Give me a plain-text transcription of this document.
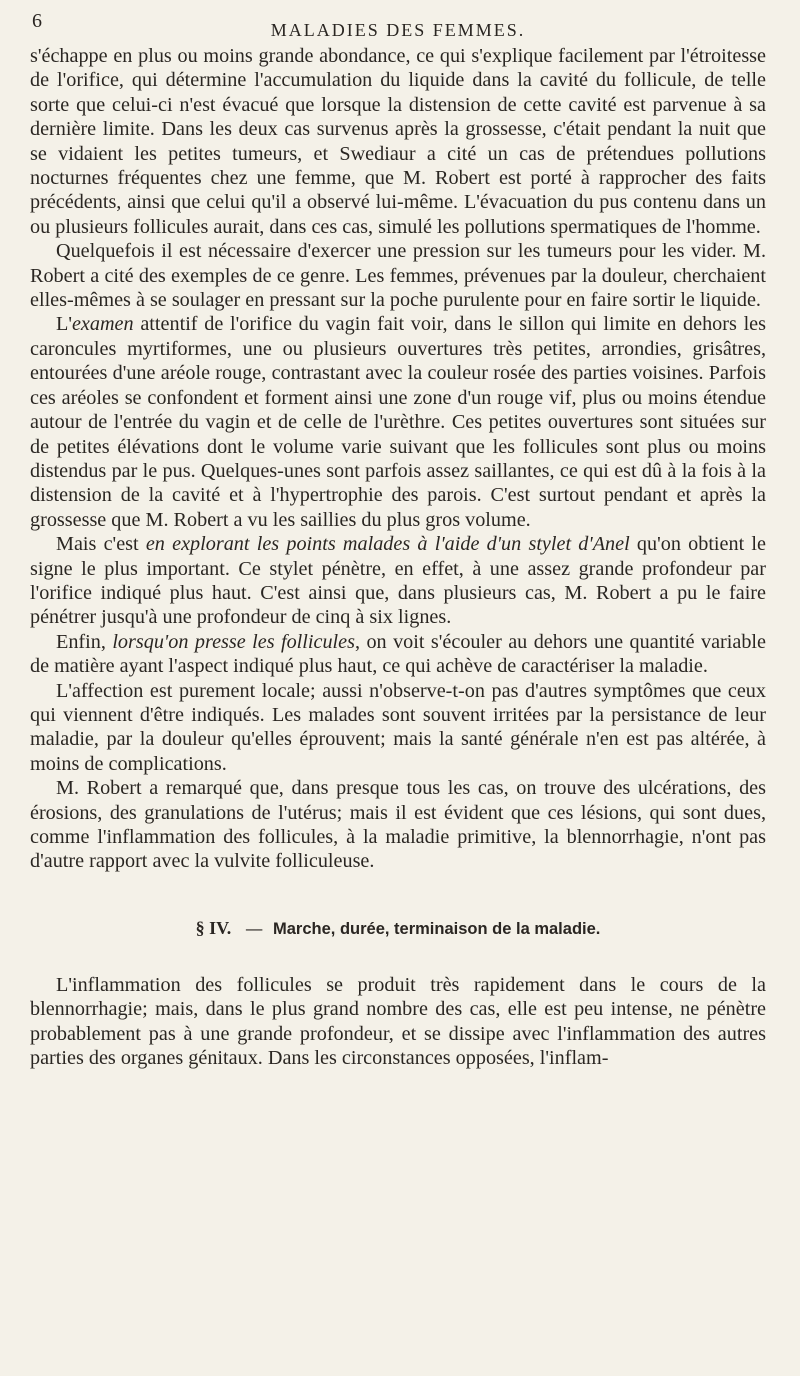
6	MALADIES DES FEMMES.

s'échappe en plus ou moins grande abondance, ce qui s'explique facilement par l'étroitesse de l'orifice, qui détermine l'accumulation du liquide dans la cavité du follicule, de telle sorte que celui-ci n'est évacué que lorsque la distension de cette cavité est parvenue à sa dernière limite. Dans les deux cas survenus après la grossesse, c'était pendant la nuit que se vidaient les petites tumeurs, et Swediaur a cité un cas de prétendues pollutions nocturnes fréquentes chez une femme, que M. Robert est porté à rapprocher des faits précédents, ainsi que celui qu'il a observé lui-même. L'évacuation du pus contenu dans un ou plusieurs follicules aurait, dans ces cas, simulé les pollutions spermatiques de l'homme.

Quelquefois il est nécessaire d'exercer une pression sur les tumeurs pour les vider. M. Robert a cité des exemples de ce genre. Les femmes, prévenues par la douleur, cherchaient elles-mêmes à se soulager en pressant sur la poche purulente pour en faire sortir le liquide.

L'examen attentif de l'orifice du vagin fait voir, dans le sillon qui limite en dehors les caroncules myrtiformes, une ou plusieurs ouvertures très petites, arrondies, grisâtres, entourées d'une aréole rouge, contrastant avec la couleur rosée des parties voisines. Parfois ces aréoles se confondent et forment ainsi une zone d'un rouge vif, plus ou moins étendue autour de l'entrée du vagin et de celle de l'urèthre. Ces petites ouvertures sont situées sur de petites élévations dont le volume varie suivant que les follicules sont plus ou moins distendus par le pus. Quelques-unes sont parfois assez saillantes, ce qui est dû à la fois à la distension de la cavité et à l'hypertrophie des parois. C'est surtout pendant et après la grossesse que M. Robert a vu les saillies du plus gros volume.

Mais c'est en explorant les points malades à l'aide d'un stylet d'Anel qu'on obtient le signe le plus important. Ce stylet pénètre, en effet, à une assez grande profondeur par l'orifice indiqué plus haut. C'est ainsi que, dans plusieurs cas, M. Robert a pu le faire pénétrer jusqu'à une profondeur de cinq à six lignes.

Enfin, lorsqu'on presse les follicules, on voit s'écouler au dehors une quantité variable de matière ayant l'aspect indiqué plus haut, ce qui achève de caractériser la maladie.

L'affection est purement locale; aussi n'observe-t-on pas d'autres symptômes que ceux qui viennent d'être indiqués. Les malades sont souvent irritées par la persistance de leur maladie, par la douleur qu'elles éprouvent; mais la santé générale n'en est pas altérée, à moins de complications.

M. Robert a remarqué que, dans presque tous les cas, on trouve des ulcérations, des érosions, des granulations de l'utérus; mais il est évident que ces lésions, qui sont dues, comme l'inflammation des follicules, à la maladie primitive, la blennorrhagie, n'ont pas d'autre rapport avec la vulvite folliculeuse.

§ IV. — Marche, durée, terminaison de la maladie.

L'inflammation des follicules se produit très rapidement dans le cours de la blennorrhagie; mais, dans le plus grand nombre des cas, elle est peu intense, ne pénètre probablement pas à une grande profondeur, et se dissipe avec l'inflammation des autres parties des organes génitaux. Dans les circonstances opposées, l'inflam-
